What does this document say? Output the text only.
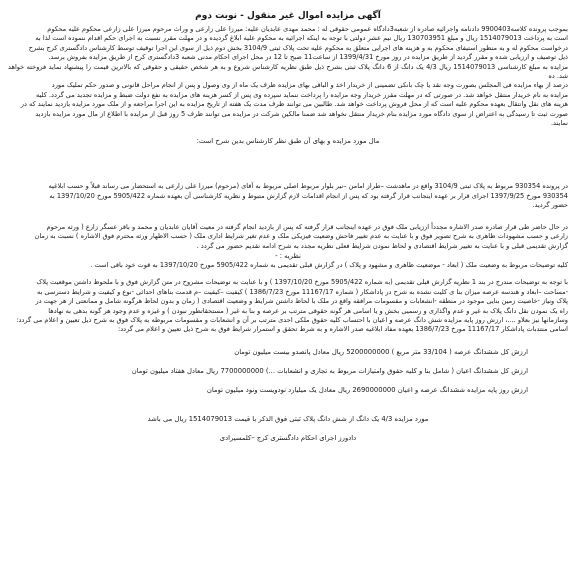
آگهی مزایده اموال غیر منقول - نوبت دوم

بموجب پرونده کلاسه9900403 دادنامه واجرائیه صادره از شعبه3دادگاه عمومی حقوقی له : محمد مهدی عابدیان علیه: میرزا علی زارعی و وراث مرحوم میرزا علی زارعی محکوم علیه محکوم

است به پرداخت 1514079013 ریال و مبلغ 130703951 ریال نیم عشر دولتی با توجه به اینکه اجرائیه به محکوم علیه ابلاغ گردیده و در مهلت مقرر نسبت به اجرای حکم اقدام ننموده است لذا به

درخواست محکوم له و به منظور استیفای محکوم به و هزینه های اجرایی متعلق به محکوم علیه تحت پلاک ثبتی 3104/9 بخش دوم ذیل از سوی این اجرا توقیف توسط کارشناس دادگستری کرج بشرح

ذیل توصیف و ارزیابی شده و مقرر گردید از طریق مزایده در روز مورخ 1399/4/31 از ساعت11 صبح تا 12 در محل اجرای احکام مدنی شعبه 3دادگستری کرج از طریق مزایده بفروش برسد.

مزایده به مبلغ کارشناسی 1514079013 ریال 4/3 یک دانگ از 6 دانگ پلاک ثبتی بشرح ذیل طبق نظریه کارشناس شروع و به هر شخص حقیقی و حقوقی که بالاترین قیمت را پیشنهاد نماید فروخته خواهد شد. ده

درصد از بهاء مزایده فی المجلس بصورت وجه نقد یا چک بانکی تضمینی از خریدار اخذ و الباقی بهای مزایده ظرف یک ماه از وی وصول و پس از انجام مراحل قانونی و صدور حکم تملیک مورد

مزایده به نام خریدار منتقل خواهد شد. در صورتی که در مهلت مقرر خریدار وجه مزایده را پرداخت ننماید سپرده وی پس از کسر هزینه های مزایده به نفع دولت ضبط و مزایده تجدید می گردد. کلیه

هزینه های نقل وانتقال بعهده محکوم علیه است که از محل فروش پرداخت خواهد شد. طالبین می توانند ظرف مدت یک هفته از تاریخ مزایده به این اجرا مراجعه و از ملک مورد مزایده بازدید نمایند که در

صورت ثبت تا رسیدگی به اعتراض از سوی دادگاه مورد مزایده بنام خریدار منتقل نخواهد شد ضمنا مالکین شرکت در مزایده می توانند ظرف 5 روز قبل از مزایده با اطلاع از مال مورد مزایده بازدید

نمایند.

مال مورد مزایده و بهای آن طبق نظر کارشناس بدین شرح است:

در پرونده 930354 مربوط به پلاک ثبتی 3104/9 واقع در ماهدشت –طراز امامن –نیر بلوار مربوط اصلی مربوط به آقای (مرحوم) میرزا علی زارعی به استحضار می رساند قبلاً و حسب ابلاغیه

930354 مورخ 1397/9/25 اجرای قرار بر عهده اینجانب قرار گرفته بود که پس از انجام اقدامات لازم گزارش متبوط و نظریه کارشناسی آن بعهده شماره 5905/422 مورخ 1397/10/20 به

حضور گردید.

در حال حاضر طی قرار صادره صدر الاشاره مجدداً ارزیابی ملک فوق در عهده اینجانب قرار گرفته که پس از بازدید انجام گرفته در معیت آقایان عابدیان و محمد و باقر عسگر زارع ( ورثه مرحوم

زارعی و حسب مشهودات ظاهری به شرح تصویر فوق و با عنایت به عدم تغییر فاحش وضعیت فیزیکی ملک و عدم تغیر شرایط اداری ملک ( حسب الاظهار ورثه محترم فوق الاشاره ) نسبت به زمان

گزارش تقدیمی قبلی و با عنایت به تغییر شرایط اقتصادی و لحاظ نمودن شرایط فعلی نظریه مجدد به شرح ادامه تقدیم حضور می گردد .

نظریه : -

کلیه توضیحات مربوط به وضعیت ملک ( ابعاد - موضعیت ظاهری و مشهود و پلاک ) در گزارش قبلی تقدیمی به شماره 5905/422 مورخ 1397/10/20 به قوت خود باقی است .

با توجه به توضیحات مندرج در بند 1 نظریه گزارش قبلی تقدیمی (به شماره 5905/422 مورخ 1397/10/20 ) و با عنایت به توضیحات مشروح در متن گزارش فوق و با ملحوظ داشتن موقعیت پلاک

-مساحت –ابعاد و هندسه عرصه میزان بنا ی کلیت نشده به شرح در پاداشکار ( شماره 11167/17 مورخ 1386/7/23 ) کیفیت –کیفیت –م قدمت بناهای احداثی -نوع و کیفیت و شرایط دسترسی به

پلاک ونیاز -خاصیت زمین بنایی موجود در منطقه -انشعابات و مقسومات مرافقه واقع در ملک با لحاظ داشتن شرایط و وضعیت اقتصادی ( زمان و بدون لحاظ هرگونه شامل و ممانعتی از هر جهت در

راه یک نمودن نقل دانگ پلاک به غیر و عدم واگذاری و رسمیی بخش و یا اسامی هر گونه حقوقی مترتب بر عرصه و بنا به غیر ( مستحقاتطور نبودن ) و غیره و عدم وجود هر گونه بدهی به نهادها

وسازمانها نیز بعلاو ....، ارزش روز پایه مزایده شش دانگ عرصه و اعیان با احتساب کلیه حقوق ملکی احدی مترتب بر آن و انشعابات و مقسومات مربوطه به پلاک فوق به شرح ذیل تعیین و اعلام می گردد:

اسامی منتدبات پاداشکار 11167/17 مورخ 1386/7/23 بعهده مفاد ابلاغیه صدر الاشاره و به شرط تحقق و استمرار شرایط فوق به شرح ذیل تعیین و اعلام می گردد:

ارزش کل ششدانگ عرصه ( 33/104 متر مربع ) 5200000000 ریال معادل پانصدو بیست میلیون تومان

ارزش کل ششدانگ اعیان ( شامل بنا و کلیه حقوق وامتیازات مربوط به تجاری و انشعابات ...) 7700000000 ریال معادل هفتاد میلیون تومان

ارزش روز پایه مزایده ششدانگ عرصه و اعیان 2690000000 ریال معادل یک میلیارد نودویست ونود میلیون تومان

مورد مزایده 4/3 یک دانگ از شش دانگ پلاک ثبتی فوق الذکر با قیمت 1514079013 ریال می باشد

دادورز اجرای احکام دادگستری کرج –کلمسیرادی
